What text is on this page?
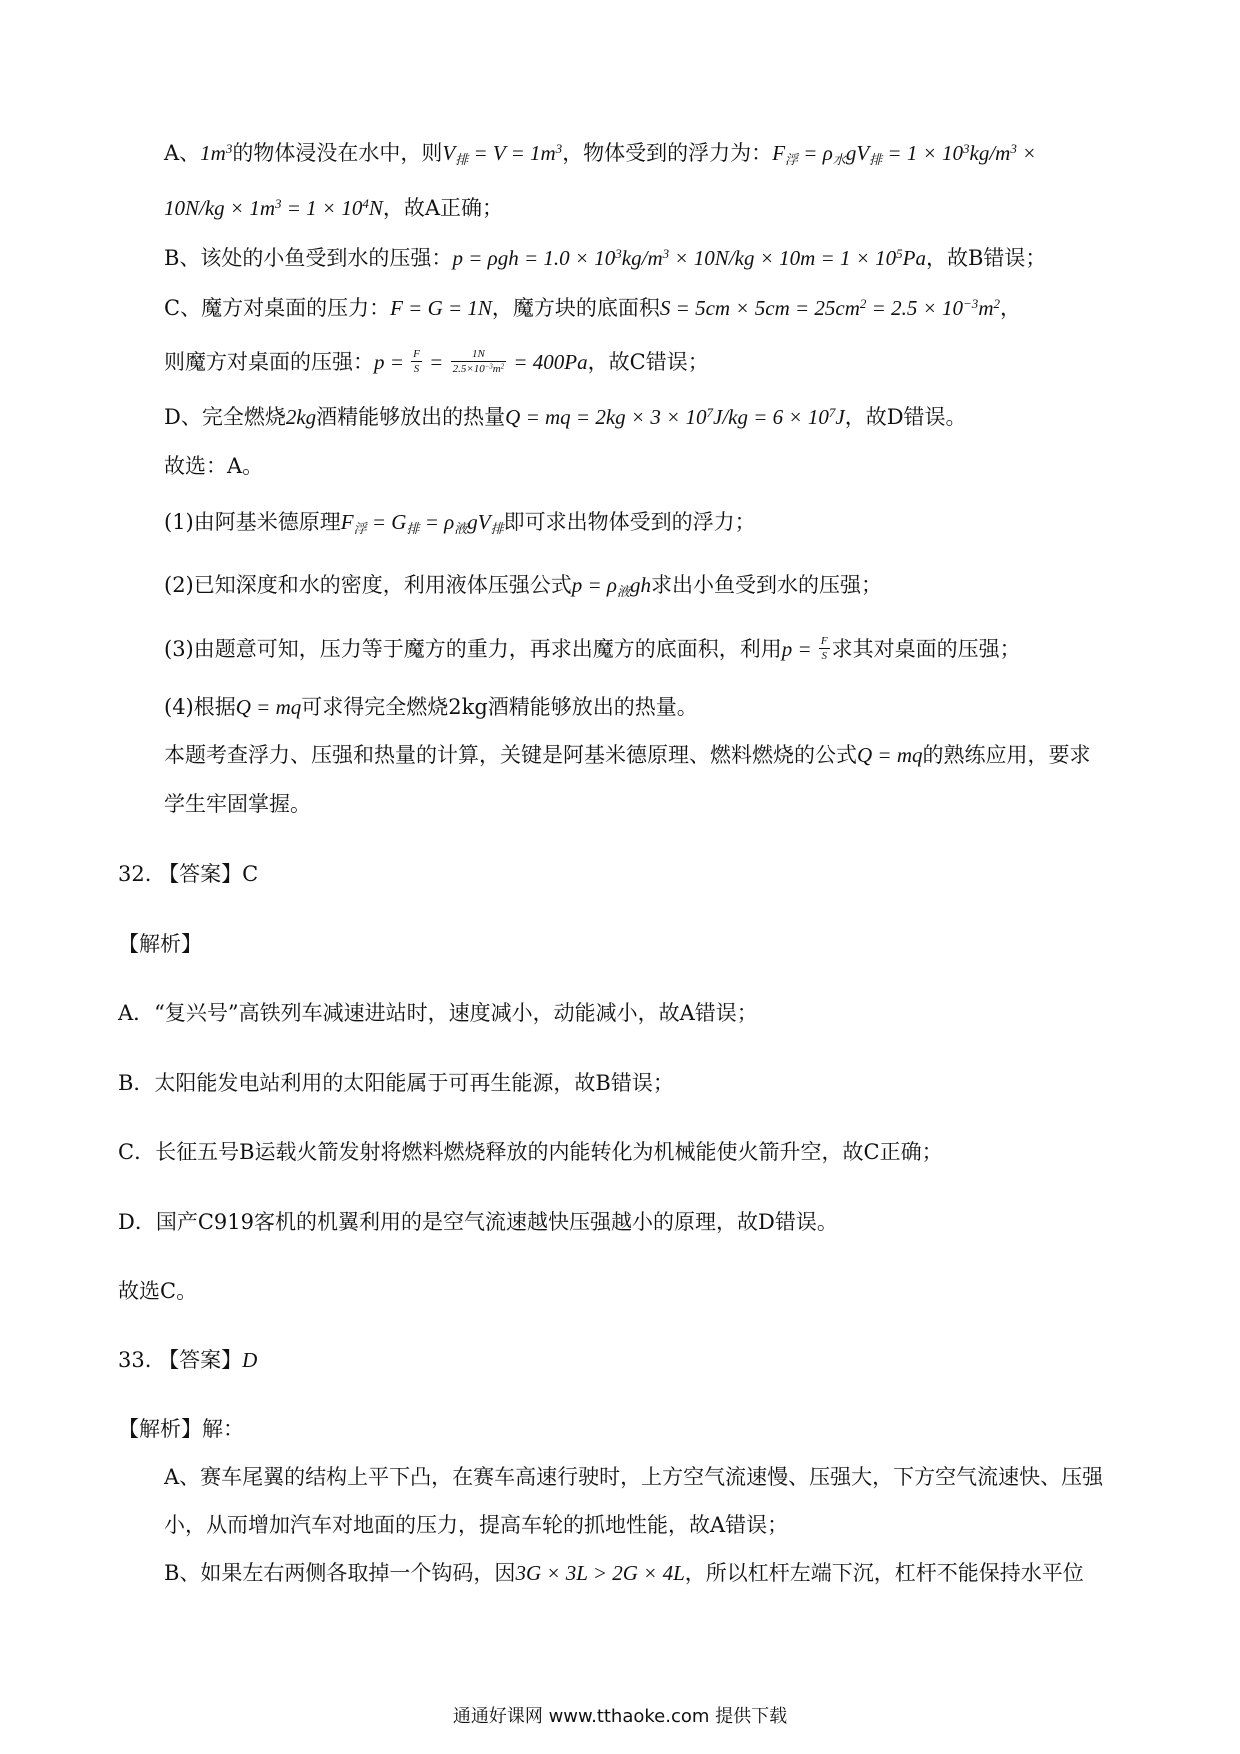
A、$1m^3$的物体浸没在水中，则$V_排 = V = 1m^3$，物体受到的浮力为：$F_浮 = \rho_水gV_排 = 1 \times 10^3kg/m^3$ ×
$10N/kg \times 1m^3 = 1 \times 10^4N$，故A正确；
B、该处的小鱼受到水的压强：$p = \rho gh = 1.0 \times 10^3kg/m^3 \times 10N/kg \times 10m = 1 \times 10^5Pa$，故B错误；
C、魔方对桌面的压力：F = G = 1N，魔方块的底面积$S = 5cm \times 5cm = 25cm^2 = 2.5 \times 10^{-3}m^2$，
则魔方对桌面的压强：$p = \frac{F}{S} = \frac{1N}{2.5\times 10^{-3}m^2} = 400Pa$，故C错误；
D、完全燃烧2kg酒精能够放出的热量Q = mq = $2kg \times 3 \times 10^7J/kg = 6 \times 10^7J$，故D错误。
故选：A。
(1)由阿基米德原理$F_浮 = G_排 = \rho_液gV_排$即可求出物体受到的浮力；
(2)已知深度和水的密度，利用液体压强公式$p = \rho_液gh$求出小鱼受到水的压强；
(3)由题意可知，压力等于魔方的重力，再求出魔方的底面积，利用$p = \frac{F}{S}$ 求其对桌面的压强；
(4)根据Q = mq可求得完全燃烧2kg酒精能够放出的热量。
本题考查浮力、压强和热量的计算，关键是阿基米德原理、燃料燃烧的公式Q = mq的熟练应用，要求
学生牢固掌握。
32. 【答案】C
【解析】
A．“复兴号”高铁列车减速进站时，速度减小，动能减小，故A错误；
B．太阳能发电站利用的太阳能属于可再生能源，故B错误；
C．长征五号B运载火箭发射将燃料燃烧释放的内能转化为机械能使火箭升空，故C正确；
D．国产C919客机的机翼利用的是空气流速越快压强越小的原理，故D错误。
故选C。
33. 【答案】D
【解析】解：
A、赛车尾翼的结构上平下凸，在赛车高速行驶时，上方空气流速慢、压强大，下方空气流速快、压强
小，从而增加汽车对地面的压力，提高车轮的抓地性能，故A错误；
B、如果左右两侧各取掉一个钩码，因3G × 3L > 2G × 4L，所以杠杆左端下沉，杠杆不能保持水平位
通通好课网 www.tthaoke.com 提供下载
